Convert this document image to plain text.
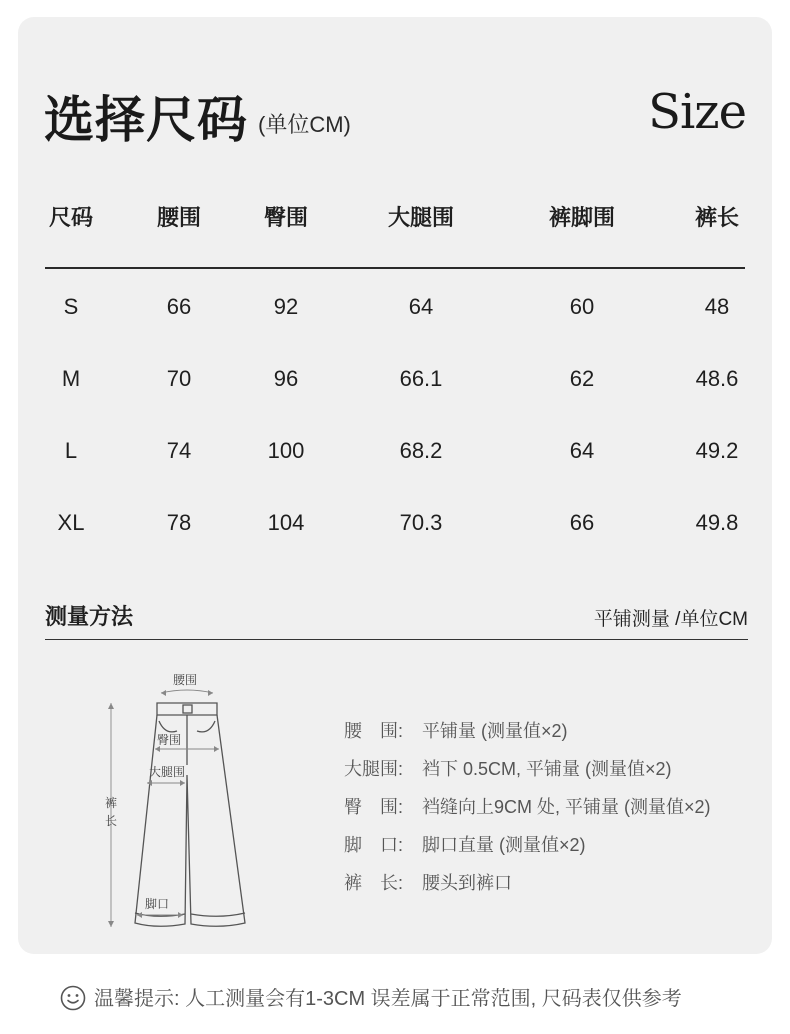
选择尺码 (单位CM)	Size
尺码	腰围	臀围	大腿围	裤脚围	裤长
S	66	92	64	60	48
M	70	96	66.1	62	48.6
L	74	100	68.2	64	49.2
XL	78	104	70.3	66	49.8
测量方法	平铺测量 /单位CM
腰围
臀围
大腿围
脚口
裤
长
腰　围: 平铺量 (测量值×2)
大腿围: 裆下 0.5CM, 平铺量 (测量值×2)
臀　围: 裆缝向上9CM 处, 平铺量 (测量值×2)
脚　口: 脚口直量 (测量值×2)
裤　长: 腰头到裤口
温馨提示: 人工测量会有1-3CM 误差属于正常范围, 尺码表仅供参考
